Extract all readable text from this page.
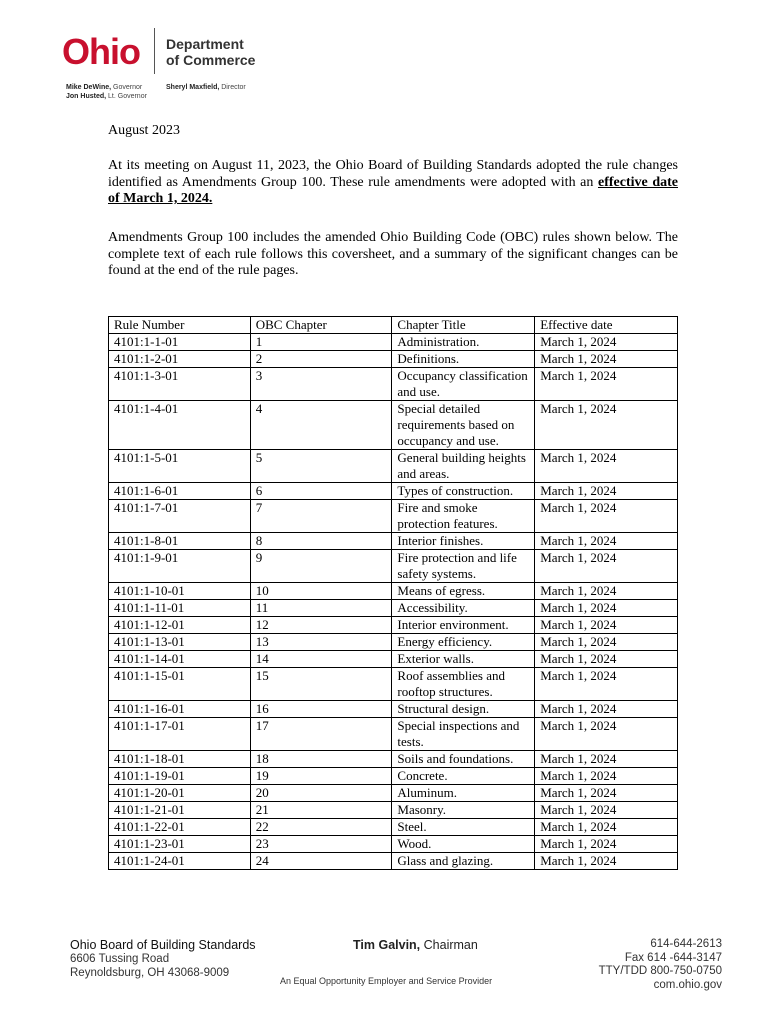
Ohio Department
of Commerce
Mike DeWine, Governor
Jon Husted, Lt. Governor
Sheryl Maxfield, Director
August 2023
At its meeting on August 11, 2023, the Ohio Board of Building Standards adopted the rule changes identified as Amendments Group 100. These rule amendments were adopted with an effective date of March 1, 2024.
Amendments Group 100 includes the amended Ohio Building Code (OBC) rules shown below. The complete text of each rule follows this coversheet, and a summary of the significant changes can be found at the end of the rule pages.
Rule Number	OBC Chapter	Chapter Title	Effective date
4101:1-1-01	1	Administration.	March 1, 2024
4101:1-2-01	2	Definitions.	March 1, 2024
4101:1-3-01	3	Occupancy classification and use.	March 1, 2024
4101:1-4-01	4	Special detailed requirements based on occupancy and use.	March 1, 2024
4101:1-5-01	5	General building heights and areas.	March 1, 2024
4101:1-6-01	6	Types of construction.	March 1, 2024
4101:1-7-01	7	Fire and smoke protection features.	March 1, 2024
4101:1-8-01	8	Interior finishes.	March 1, 2024
4101:1-9-01	9	Fire protection and life safety systems.	March 1, 2024
4101:1-10-01	10	Means of egress.	March 1, 2024
4101:1-11-01	11	Accessibility.	March 1, 2024
4101:1-12-01	12	Interior environment.	March 1, 2024
4101:1-13-01	13	Energy efficiency.	March 1, 2024
4101:1-14-01	14	Exterior walls.	March 1, 2024
4101:1-15-01	15	Roof assemblies and rooftop structures.	March 1, 2024
4101:1-16-01	16	Structural design.	March 1, 2024
4101:1-17-01	17	Special inspections and tests.	March 1, 2024
4101:1-18-01	18	Soils and foundations.	March 1, 2024
4101:1-19-01	19	Concrete.	March 1, 2024
4101:1-20-01	20	Aluminum.	March 1, 2024
4101:1-21-01	21	Masonry.	March 1, 2024
4101:1-22-01	22	Steel.	March 1, 2024
4101:1-23-01	23	Wood.	March 1, 2024
4101:1-24-01	24	Glass and glazing.	March 1, 2024
Ohio Board of Building Standards
6606 Tussing Road
Reynoldsburg, OH 43068-9009
Tim Galvin, Chairman
An Equal Opportunity Employer and Service Provider
614-644-2613
Fax 614 -644-3147
TTY/TDD 800-750-0750
com.ohio.gov
